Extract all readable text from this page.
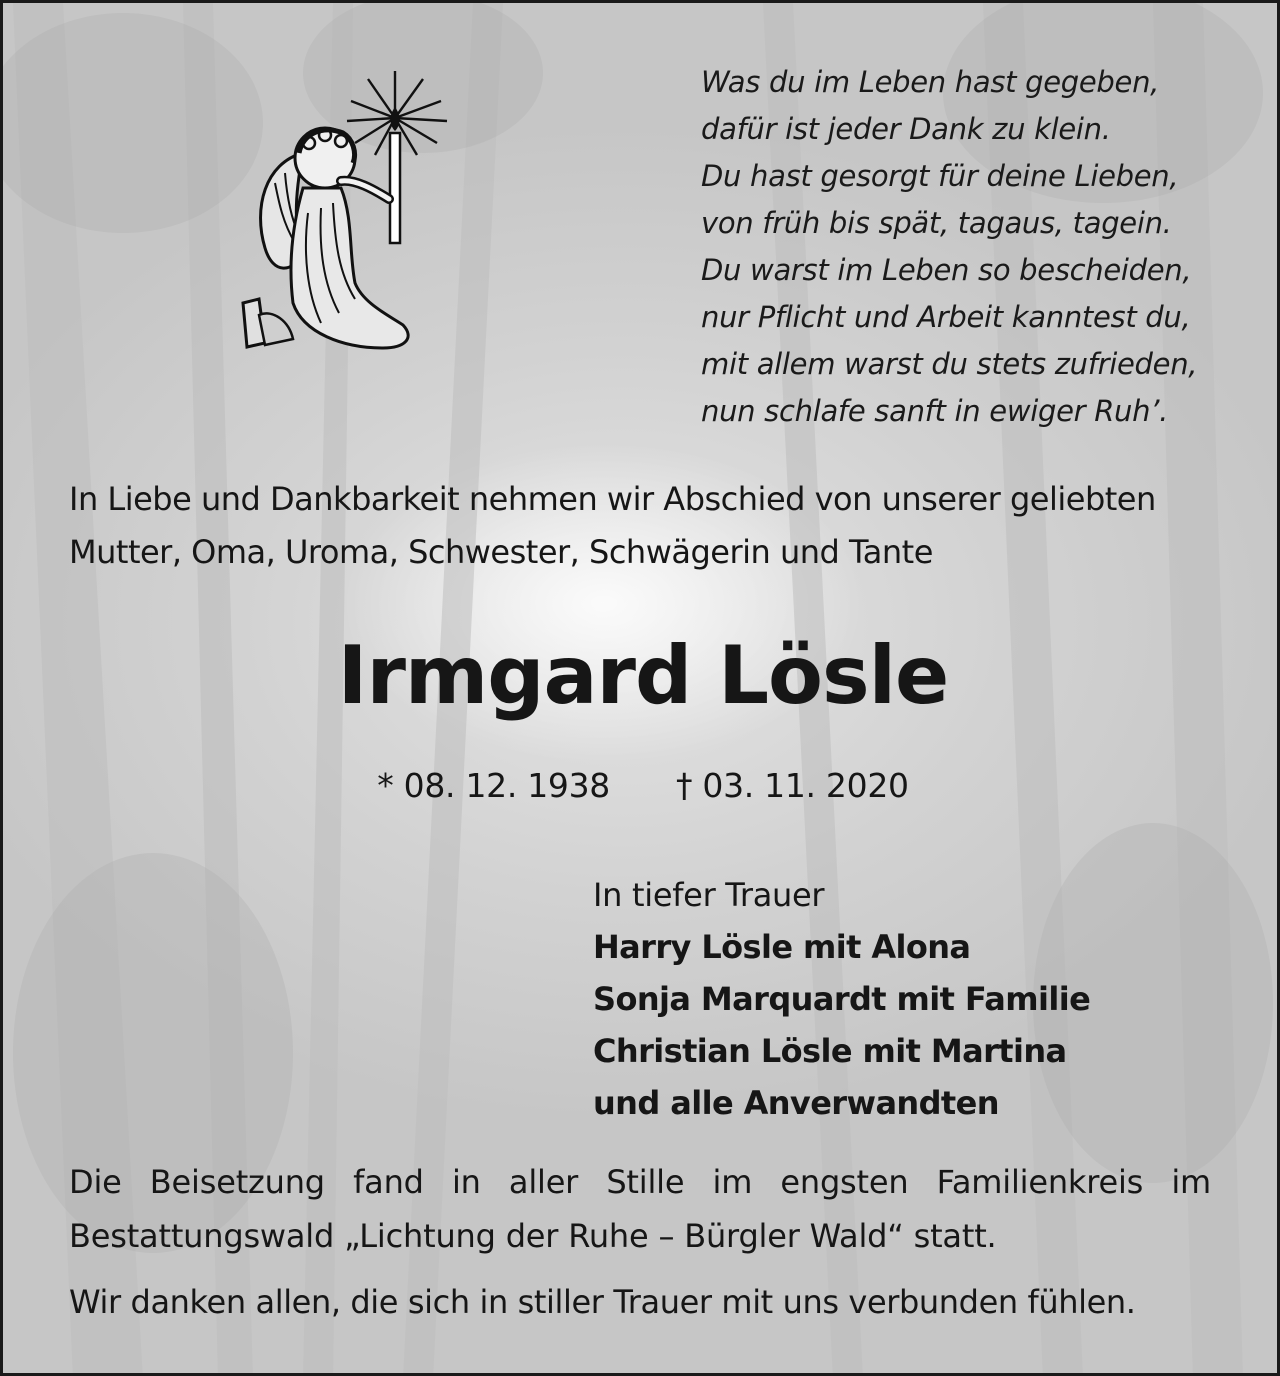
Was du im Leben hast gegeben,
dafür ist jeder Dank zu klein.
Du hast gesorgt für deine Lieben,
von früh bis spät, tagaus, tagein.
Du warst im Leben so bescheiden,
nur Pflicht und Arbeit kanntest du,
mit allem warst du stets zufrieden,
nun schlafe sanft in ewiger Ruh’.
In Liebe und Dankbarkeit nehmen wir Abschied von unserer geliebten
Mutter, Oma, Uroma, Schwester, Schwägerin und Tante
Irmgard Lösle
* 08. 12. 1938 † 03. 11. 2020
In tiefer Trauer
Harry Lösle mit Alona
Sonja Marquardt mit Familie
Christian Lösle mit Martina
und alle Anverwandten
Die Beisetzung fand in aller Stille im engsten Familienkreis im
Bestattungswald „Lichtung der Ruhe – Bürgler Wald“ statt.
Wir danken allen, die sich in stiller Trauer mit uns verbunden fühlen.
